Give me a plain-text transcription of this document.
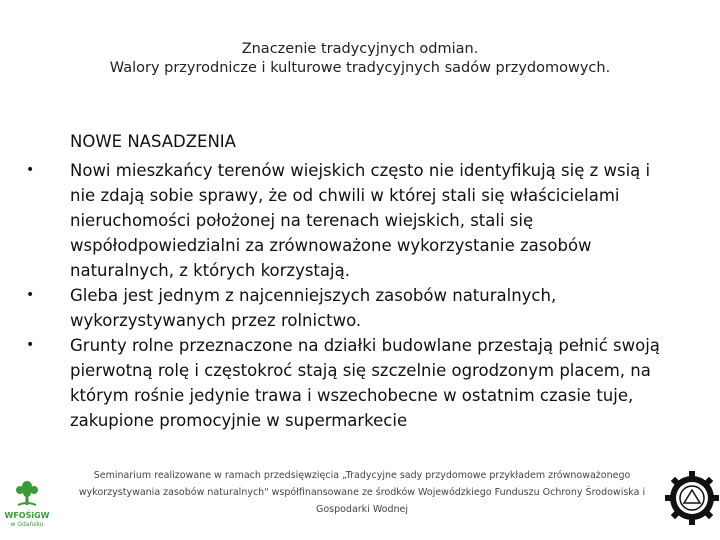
Znaczenie tradycyjnych odmian.
Walory przyrodnicze i kulturowe tradycyjnych sadów przydomowych.
NOWE NASADZENIA
• Nowi mieszkańcy terenów wiejskich często nie identyfikują się z wsią i nie zdają sobie sprawy, że od chwili w której stali się właścicielami nieruchomości położonej na terenach wiejskich, stali się współodpowiedzialni za zrównoważone wykorzystanie zasobów naturalnych, z których korzystają.
• Gleba jest jednym z najcenniejszych zasobów naturalnych, wykorzystywanych przez rolnictwo.
• Grunty rolne przeznaczone na działki budowlane przestają pełnić swoją pierwotną rolę i częstokroć stają się szczelnie ogrodzonym placem, na którym rośnie jedynie trawa i wszechobecne w ostatnim czasie tuje, zakupione promocyjnie w supermarkecie
Seminarium realizowane w ramach przedsięwzięcia „Tradycyjne sady przydomowe przykładem zrównoważonego
wykorzystywania zasobów naturalnych" współfinansowane ze środków Wojewódzkiego Funduszu Ochrony Środowiska i
Gospodarki Wodnej
WFOŚiGW
w Gdańsku
